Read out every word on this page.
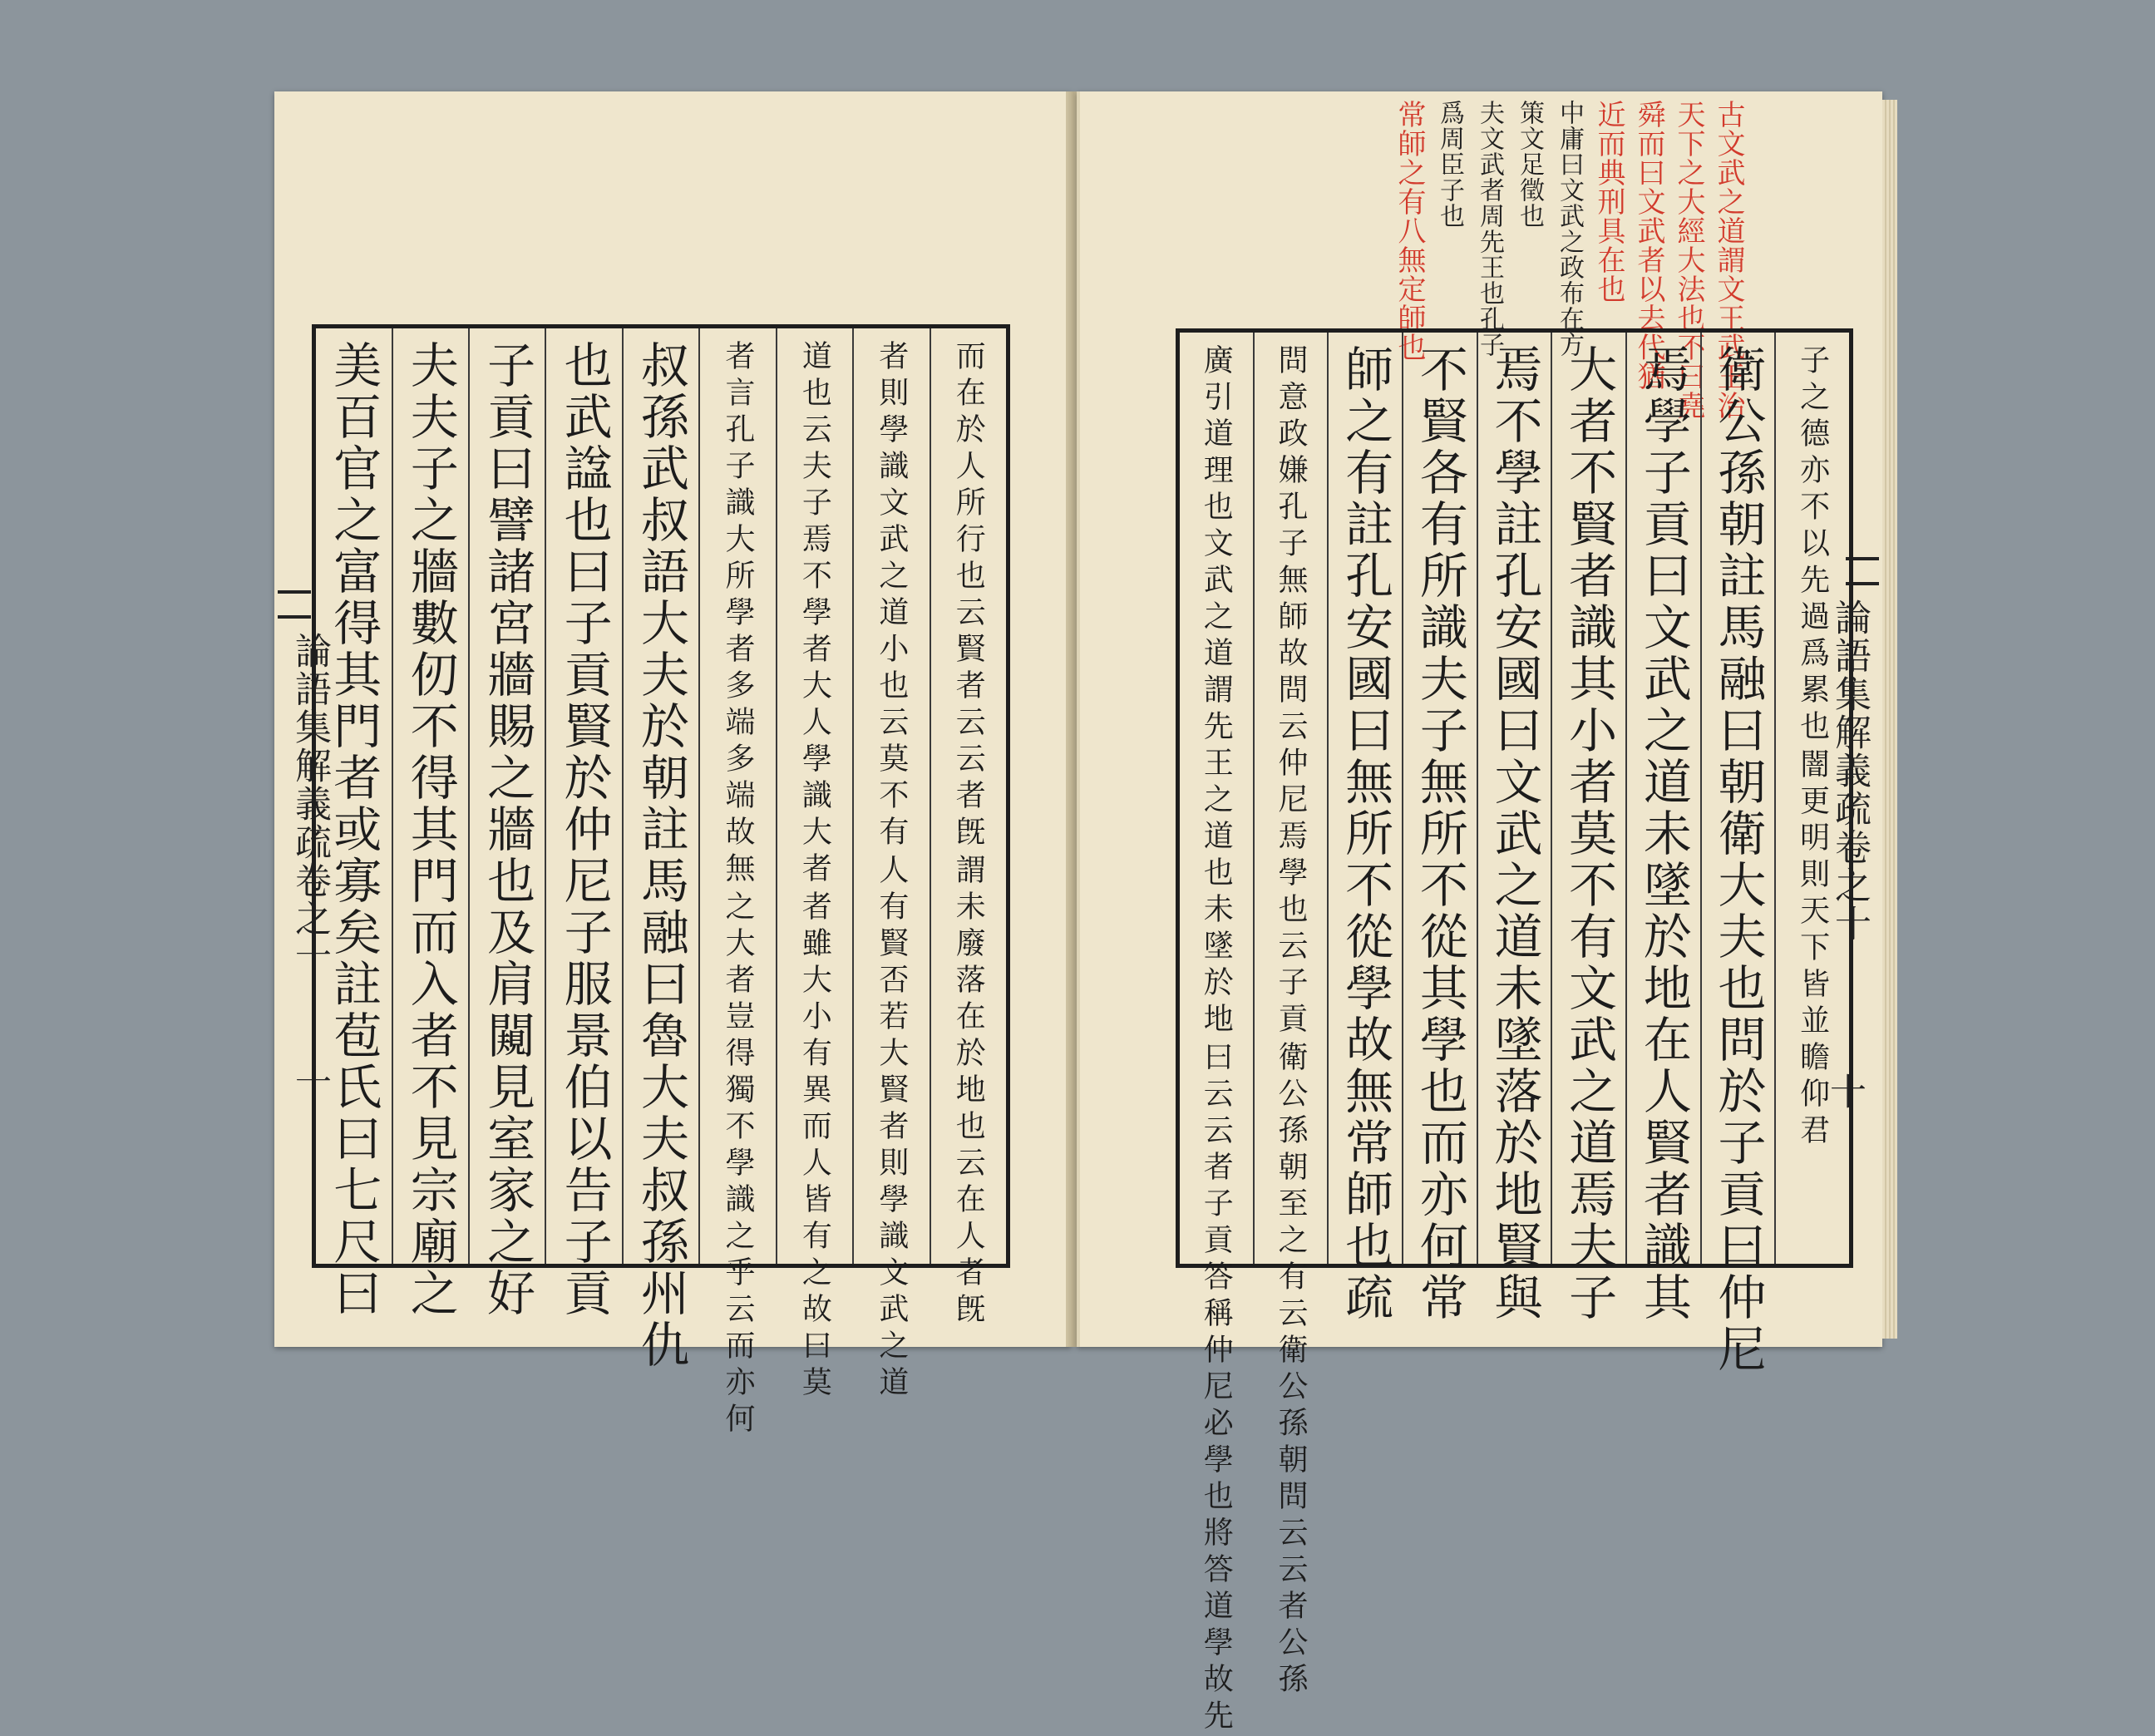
論語集解義疏卷之十
十	謂未廢落在於地也云在人者旣
而在於人所行也云賢者云云者旣
人有賢否若大賢者則學識文武之道
者則學識文武之道小也云莫不有
者雖大小有異而人皆有之故曰莫
道也云夫子焉不學者大人學識大者
之大者豈得獨不學識之乎云而亦何
者言孔子識大所學者多端多端故無
叔孫武叔語大夫於朝註馬融曰魯大夫叔孫州仇
也武諡也曰子貢賢於仲尼子服景伯以告子貢
子貢曰譬諸宮牆賜之牆也及肩闚見室家之好
夫夫子之牆數仞不得其門而入者不見宗廟之
美百官之富得其門者或寡矣註苞氏曰七尺曰	論語集解義疏卷之十
十
古文武之道謂文王武王治
天下之大經大法也不曰堯
舜而曰文武者以去代猶
近而典刑具在也
中庸曰文武之政布在方
策文足徵也
夫文武者周先王也孔子
爲周臣子也
常師之有八無定師也
闇更明則天下皆並瞻仰君
子之德亦不以先過爲累也
衛公孫朝註馬融曰朝衛大夫也問於子貢曰仲尼
焉學子貢曰文武之道未墜於地在人賢者識其
大者不賢者識其小者莫不有文武之道焉夫子
焉不學註孔安國曰文武之道未墜落於地賢與
不賢各有所識夫子無所不從其學也而亦何常
師之有註孔安國曰無所不從學故無常師也疏
衛公孫朝至之有云衛公孫朝問云云者公孫
問意政嫌孔子無師故問云仲尼焉學也云子貢
曰云云者子貢答稱仲尼必學也將答道學故先
廣引道理也文武之道謂先王之道也未墜於地
